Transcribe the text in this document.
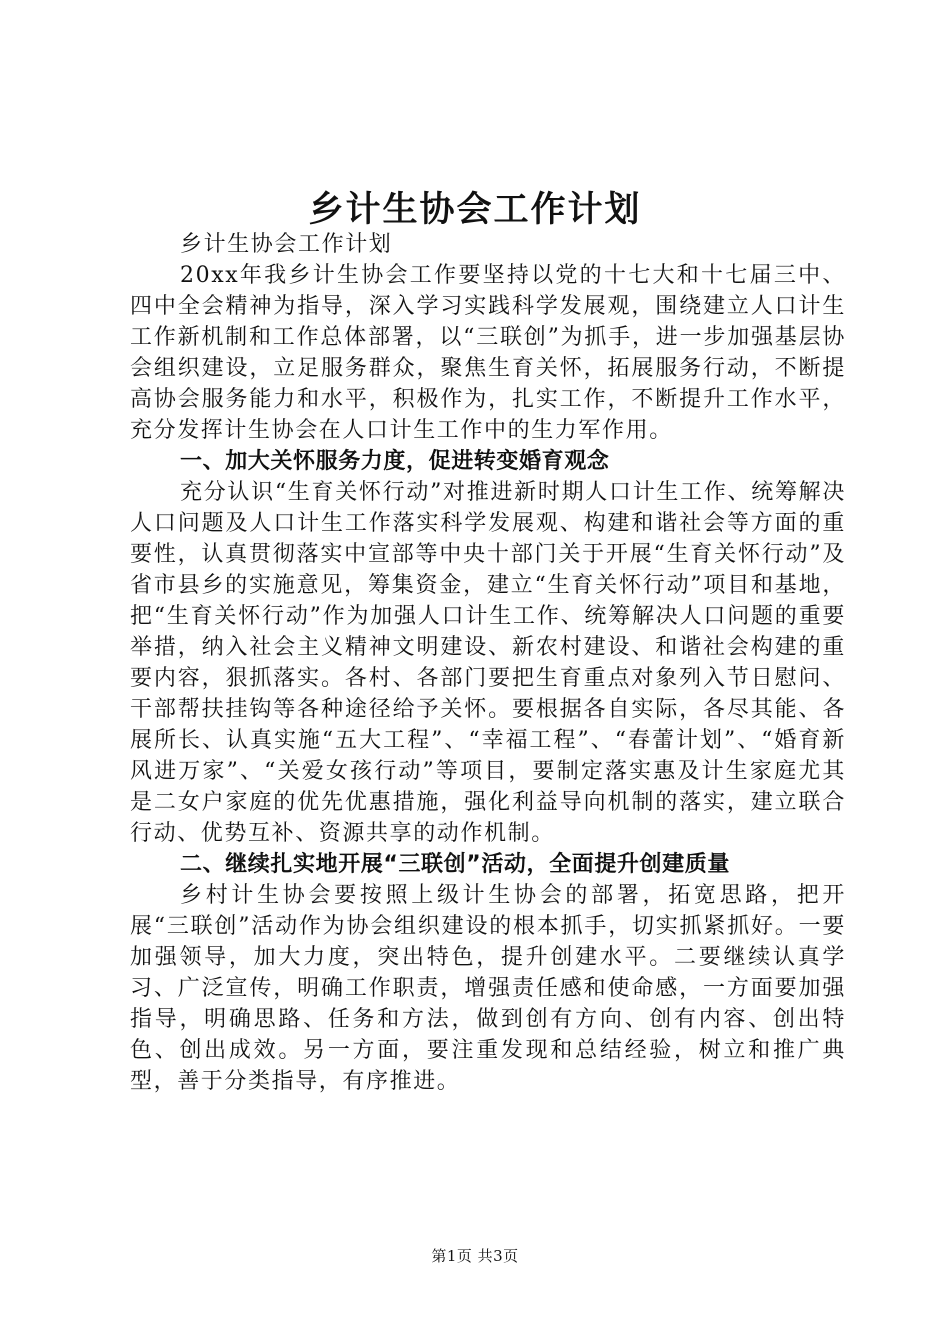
乡计生协会工作计划

乡计生协会工作计划

20xx年我乡计生协会工作要坚持以党的十七大和十七届三中、四中全会精神为指导，深入学习实践科学发展观，围绕建立人口计生工作新机制和工作总体部署，以“三联创”为抓手，进一步加强基层协会组织建设，立足服务群众，聚焦生育关怀，拓展服务行动，不断提高协会服务能力和水平，积极作为，扎实工作，不断提升工作水平，充分发挥计生协会在人口计生工作中的生力军作用。

一、加大关怀服务力度，促进转变婚育观念

充分认识“生育关怀行动”对推进新时期人口计生工作、统筹解决人口问题及人口计生工作落实科学发展观、构建和谐社会等方面的重要性，认真贯彻落实中宣部等中央十部门关于开展“生育关怀行动”及省市县乡的实施意见，筹集资金，建立“生育关怀行动”项目和基地，把“生育关怀行动”作为加强人口计生工作、统筹解决人口问题的重要举措，纳入社会主义精神文明建设、新农村建设、和谐社会构建的重要内容，狠抓落实。各村、各部门要把生育重点对象列入节日慰问、干部帮扶挂钩等各种途径给予关怀。要根据各自实际，各尽其能、各展所长、认真实施“五大工程”、“幸福工程”、“春蕾计划”、“婚育新风进万家”、“关爱女孩行动”等项目，要制定落实惠及计生家庭尤其是二女户家庭的优先优惠措施，强化利益导向机制的落实，建立联合行动、优势互补、资源共享的动作机制。

二、继续扎实地开展“三联创”活动，全面提升创建质量

乡村计生协会要按照上级计生协会的部署，拓宽思路，把开展“三联创”活动作为协会组织建设的根本抓手，切实抓紧抓好。一要加强领导，加大力度，突出特色，提升创建水平。二要继续认真学习、广泛宣传，明确工作职责，增强责任感和使命感，一方面要加强指导，明确思路、任务和方法，做到创有方向、创有内容、创出特色、创出成效。另一方面，要注重发现和总结经验，树立和推广典型，善于分类指导，有序推进。

第1页 共3页
